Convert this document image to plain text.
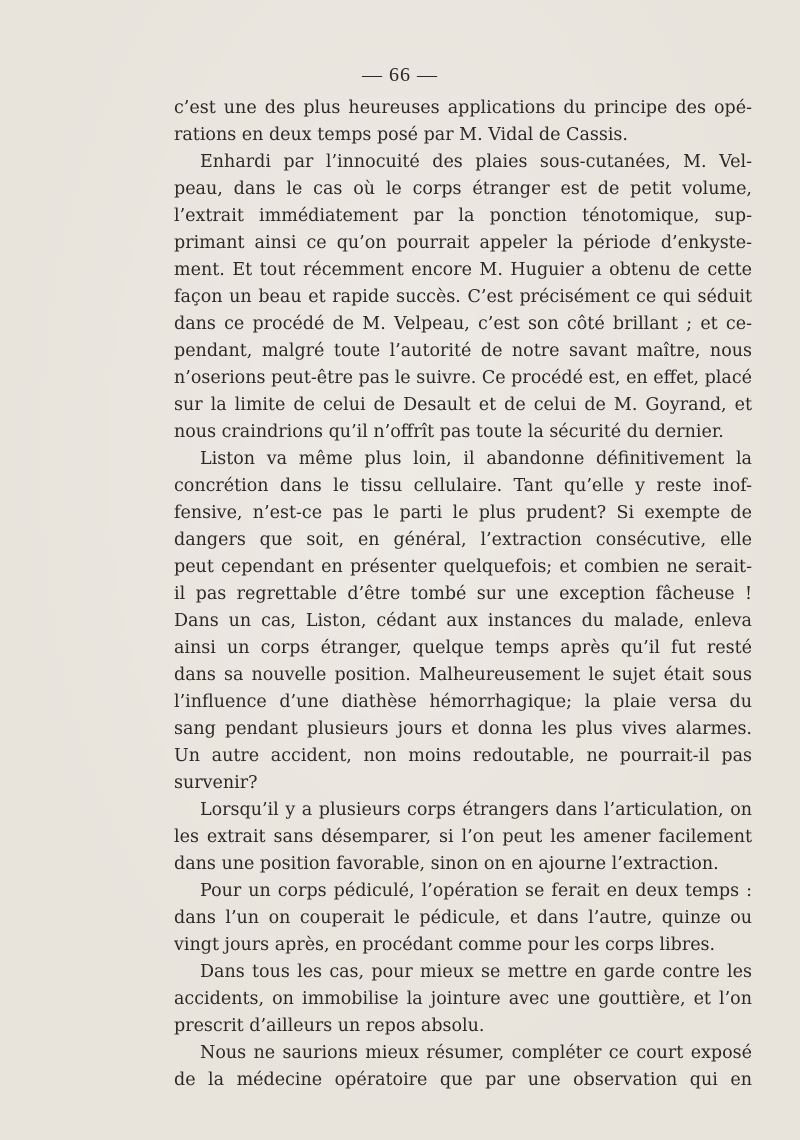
— 66 —
c’est une des plus heureuses applications du principe des opé-
rations en deux temps posé par M. Vidal de Cassis.
Enhardi par l’innocuité des plaies sous-cutanées, M. Vel-
peau, dans le cas où le corps étranger est de petit volume,
l’extrait immédiatement par la ponction ténotomique, sup-
primant ainsi ce qu’on pourrait appeler la période d’enkyste-
ment. Et tout récemment encore M. Huguier a obtenu de cette
façon un beau et rapide succès. C’est précisément ce qui séduit
dans ce procédé de M. Velpeau, c’est son côté brillant ; et ce-
pendant, malgré toute l’autorité de notre savant maître, nous
n’oserions peut-être pas le suivre. Ce procédé est, en effet, placé
sur la limite de celui de Desault et de celui de M. Goyrand, et
nous craindrions qu’il n’offrît pas toute la sécurité du dernier.
Liston va même plus loin, il abandonne définitivement la
concrétion dans le tissu cellulaire. Tant qu’elle y reste inof-
fensive, n’est-ce pas le parti le plus prudent? Si exempte de
dangers que soit, en général, l’extraction consécutive, elle
peut cependant en présenter quelquefois; et combien ne serait-
il pas regrettable d’être tombé sur une exception fâcheuse !
Dans un cas, Liston, cédant aux instances du malade, enleva
ainsi un corps étranger, quelque temps après qu’il fut resté
dans sa nouvelle position. Malheureusement le sujet était sous
l’influence d’une diathèse hémorrhagique; la plaie versa du
sang pendant plusieurs jours et donna les plus vives alarmes.
Un autre accident, non moins redoutable, ne pourrait-il pas
survenir?
Lorsqu’il y a plusieurs corps étrangers dans l’articulation, on
les extrait sans désemparer, si l’on peut les amener facilement
dans une position favorable, sinon on en ajourne l’extraction.
Pour un corps pédiculé, l’opération se ferait en deux temps :
dans l’un on couperait le pédicule, et dans l’autre, quinze ou
vingt jours après, en procédant comme pour les corps libres.
Dans tous les cas, pour mieux se mettre en garde contre les
accidents, on immobilise la jointure avec une gouttière, et l’on
prescrit d’ailleurs un repos absolu.
Nous ne saurions mieux résumer, compléter ce court exposé
de la médecine opératoire que par une observation qui en
